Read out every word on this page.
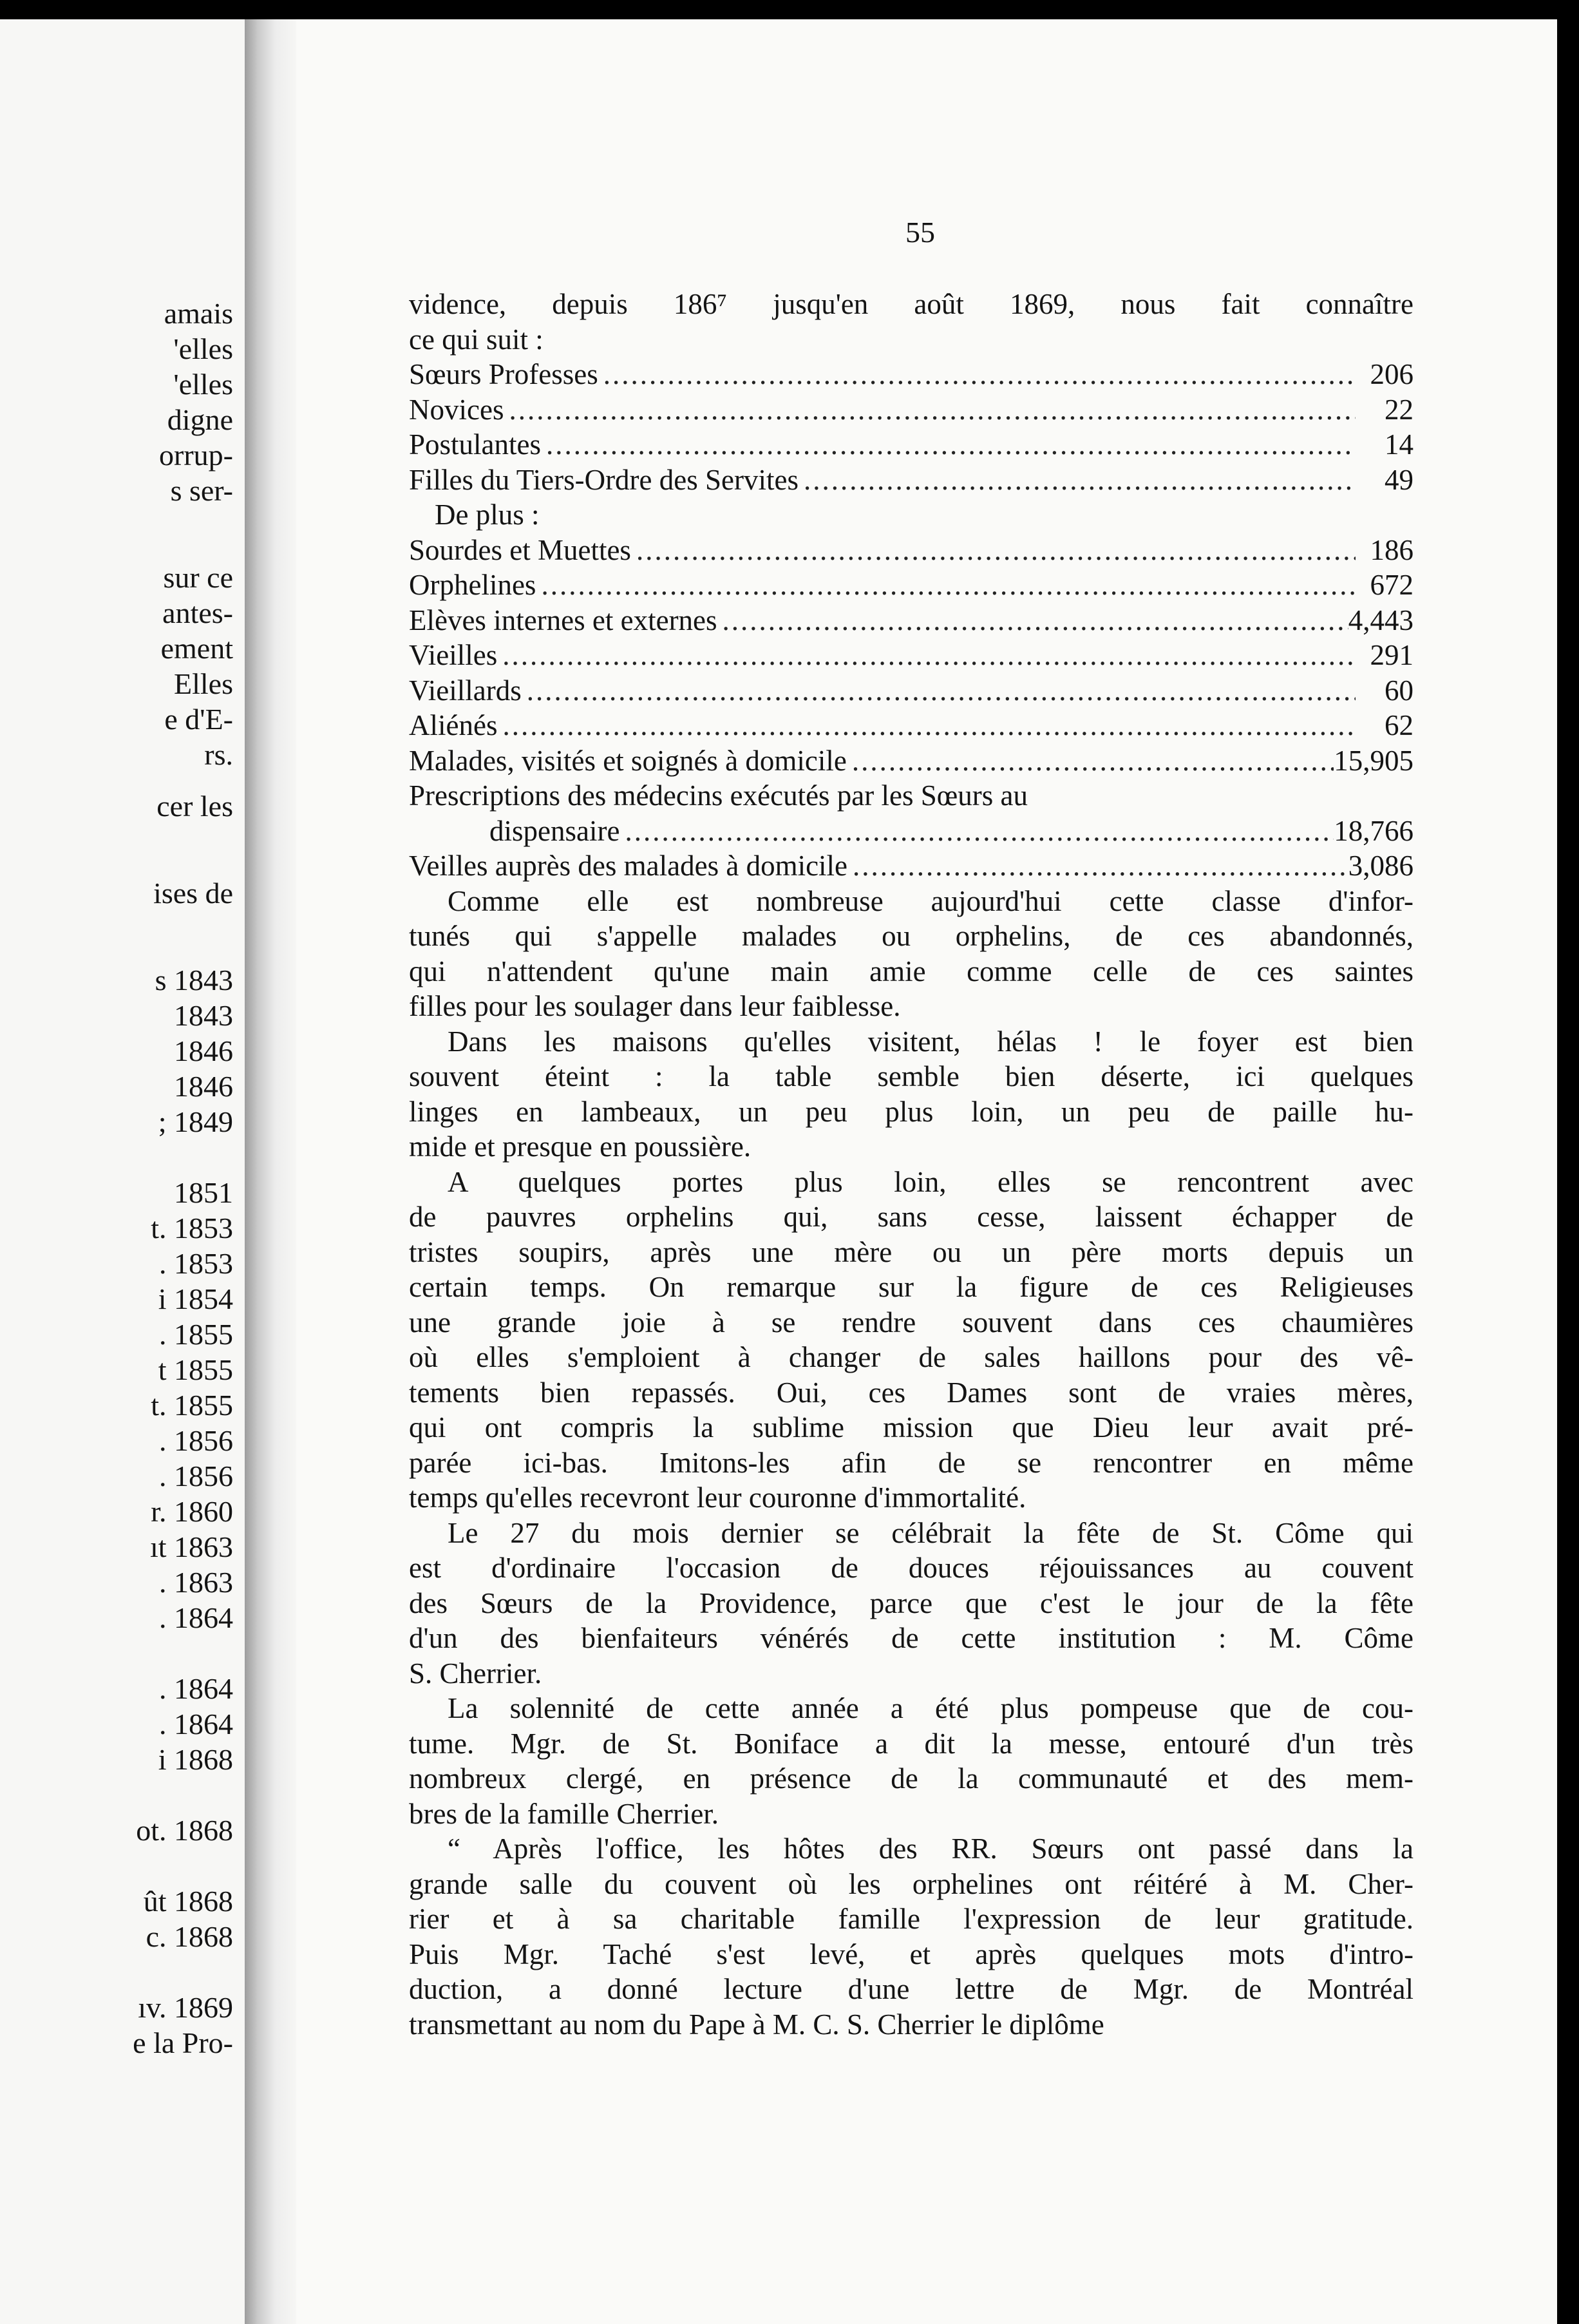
amais
'elles
'elles
digne
orrup-
s ser-
sur ce
antes-
ement
Elles
e d'E-
rs.
cer les
ises de
s 1843
1843
1846
1846
; 1849
1851
t. 1853
. 1853
i 1854
. 1855
t 1855
t. 1855
. 1856
. 1856
r. 1860
ıt 1863
. 1863
. 1864
. 1864
. 1864
i 1868
ot. 1868
ût 1868
c. 1868
ıv. 1869
e la Pro-

55

vidence, depuis 186⁷ jusqu'en août 1869, nous fait connaître
ce qui suit :
Sœurs Professes .....	206
Novices .....	22
Postulantes .....	14
Filles du Tiers-Ordre des Servites .....	49
De plus :
Sourdes et Muettes .....	186
Orphelines .....	672
Elèves internes et externes .....	4,443
Vieilles .....	291
Vieillards .....	60
Aliénés .....	62
Malades, visités et soignés à domicile .....	15,905
Prescriptions des médecins exécutés par les Sœurs au
dispensaire .....	18,766
Veilles auprès des malades à domicile .....	3,086
Comme elle est nombreuse aujourd'hui cette classe d'infor-
tunés qui s'appelle malades ou orphelins, de ces abandonnés,
qui n'attendent qu'une main amie comme celle de ces saintes
filles pour les soulager dans leur faiblesse.
Dans les maisons qu'elles visitent, hélas ! le foyer est bien
souvent éteint : la table semble bien déserte, ici quelques
linges en lambeaux, un peu plus loin, un peu de paille hu-
mide et presque en poussière.
A quelques portes plus loin, elles se rencontrent avec
de pauvres orphelins qui, sans cesse, laissent échapper de
tristes soupirs, après une mère ou un père morts depuis un
certain temps. On remarque sur la figure de ces Religieuses
une grande joie à se rendre souvent dans ces chaumières
où elles s'emploient à changer de sales haillons pour des vê-
tements bien repassés. Oui, ces Dames sont de vraies mères,
qui ont compris la sublime mission que Dieu leur avait pré-
parée ici-bas. Imitons-les afin de se rencontrer en même
temps qu'elles recevront leur couronne d'immortalité.
Le 27 du mois dernier se célébrait la fête de St. Côme qui
est d'ordinaire l'occasion de douces réjouissances au couvent
des Sœurs de la Providence, parce que c'est le jour de la fête
d'un des bienfaiteurs vénérés de cette institution : M. Côme
S. Cherrier.
La solennité de cette année a été plus pompeuse que de cou-
tume. Mgr. de St. Boniface a dit la messe, entouré d'un très
nombreux clergé, en présence de la communauté et des mem-
bres de la famille Cherrier.
“ Après l'office, les hôtes des RR. Sœurs ont passé dans la
grande salle du couvent où les orphelines ont réitéré à M. Cher-
rier et à sa charitable famille l'expression de leur gratitude.
Puis Mgr. Taché s'est levé, et après quelques mots d'intro-
duction, a donné lecture d'une lettre de Mgr. de Montréal
transmettant au nom du Pape à M. C. S. Cherrier le diplôme
